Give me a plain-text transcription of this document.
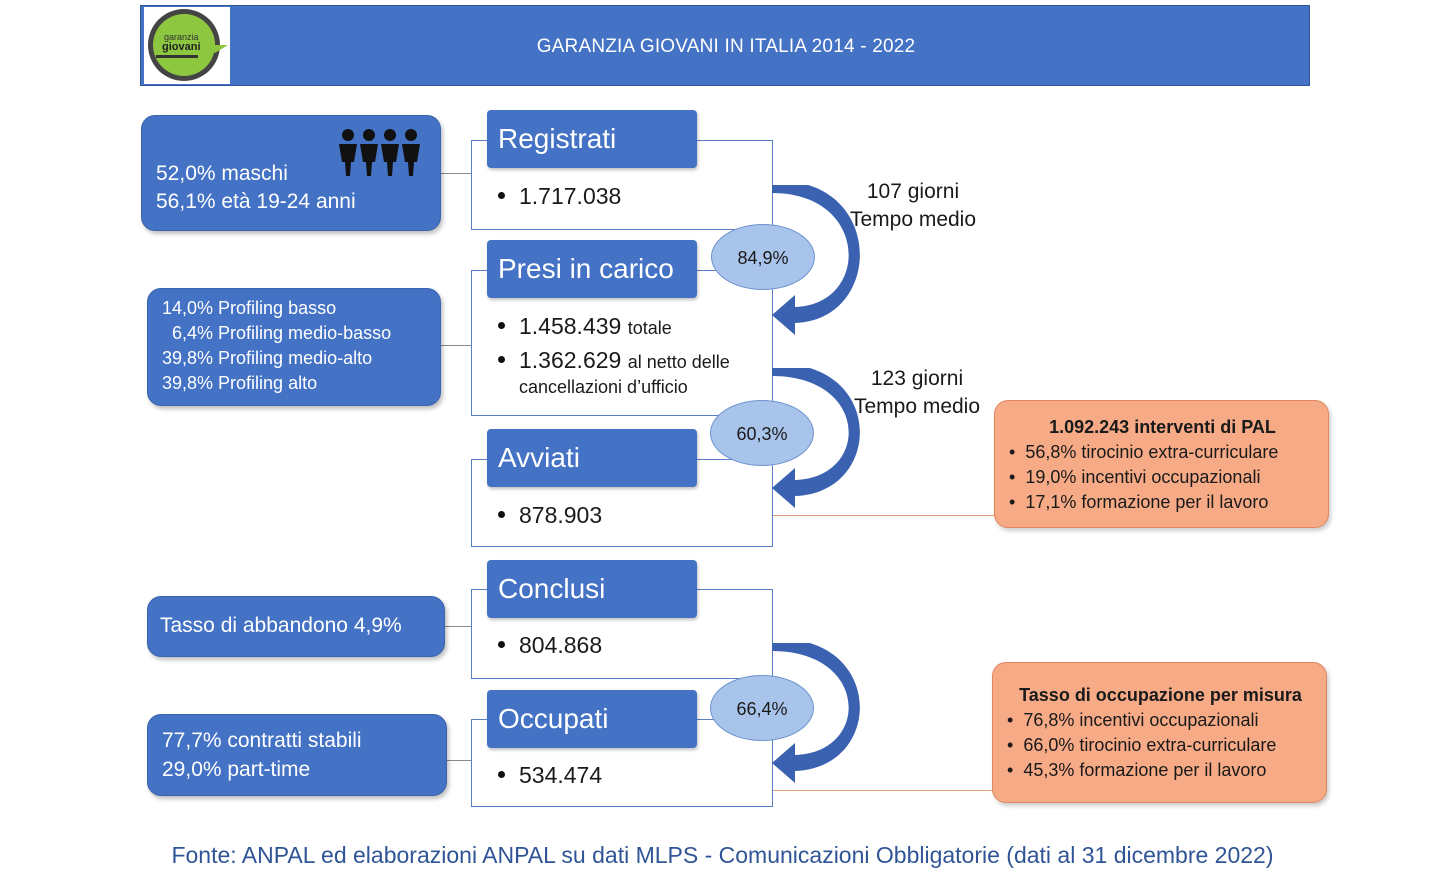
garanzia
giovani	GARANZIA GIOVANI IN ITALIA 2014 - 2022
52,0% maschi
56,1% età 19-24 anni
14,0% Profiling basso
6,4% Profiling medio-basso
39,8% Profiling medio-alto
39,8% Profiling alto
Tasso di abbandono 4,9%
77,7% contratti stabili
29,0% part-time
1.717.038
Registrati
1.458.439 totale
1.362.629 al netto delle
cancellazioni d’ufficio
Presi in carico
878.903
Avviati
804.868
Conclusi
534.474
Occupati
84,9%
60,3%
66,4%
107 giorni
Tempo medio
123 giorni
Tempo medio
1.092.243 interventi di PAL
• 56,8% tirocinio extra-curriculare
• 19,0% incentivi occupazionali
• 17,1% formazione per il lavoro
Tasso di occupazione per misura
• 76,8% incentivi occupazionali
• 66,0% tirocinio extra-curriculare
• 45,3% formazione per il lavoro
Fonte: ANPAL ed elaborazioni ANPAL su dati MLPS - Comunicazioni Obbligatorie (dati al 31 dicembre 2022)
